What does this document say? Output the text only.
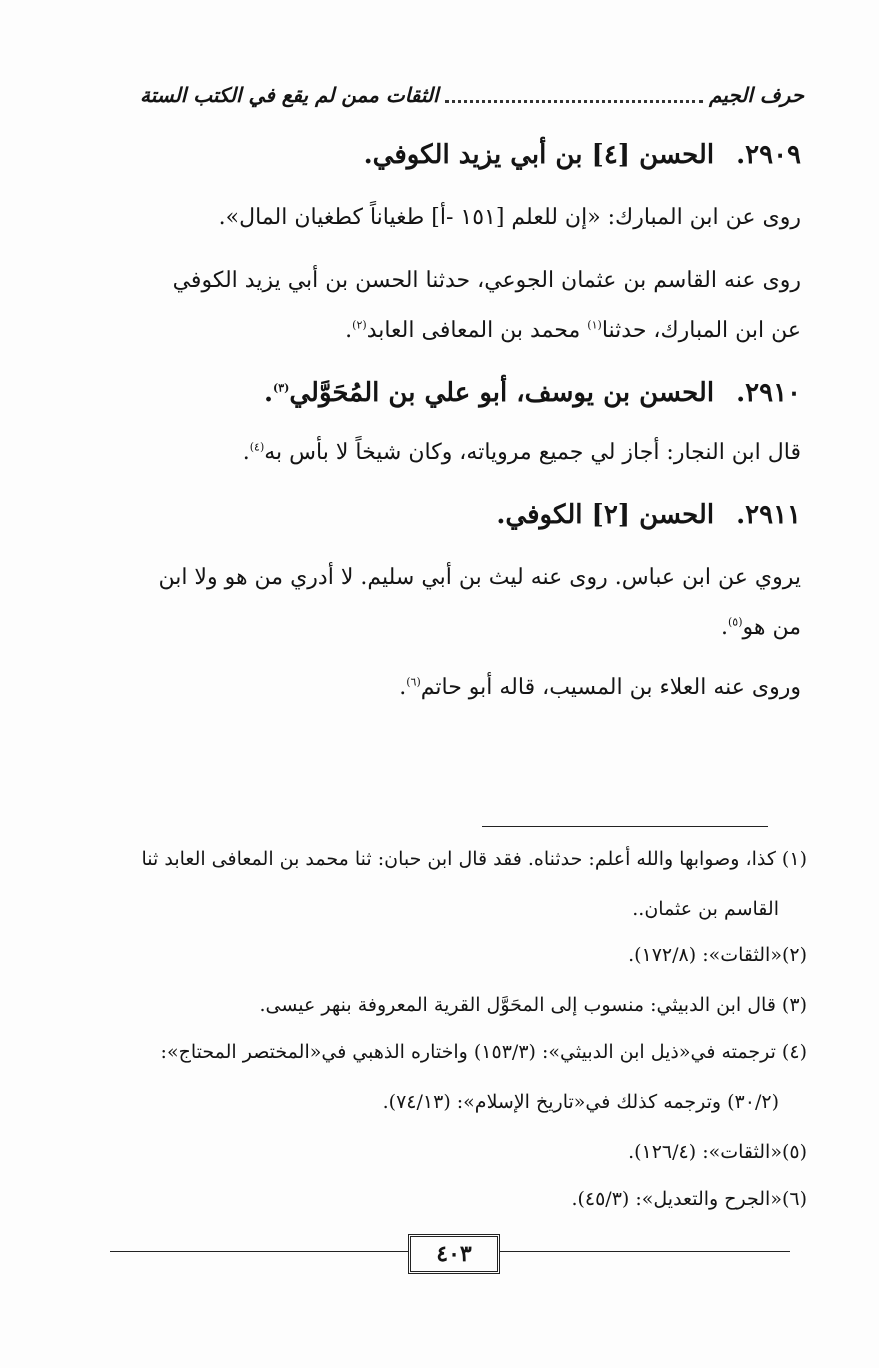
حرف الجيم
الثقات ممن لم يقع في الكتب الستة
٢٩٠٩.الحسن [٤] بن أبي يزيد الكوفي.
روى عن ابن المبارك: «إن للعلم [١٥١ -أ] طغياناً كطغيان المال».
روى عنه القاسم بن عثمان الجوعي، حدثنا الحسن بن أبي يزيد الكوفي
عن ابن المبارك، حدثنا$^{(١)}$ محمد بن المعافى العابد$^{(٢)}$.
٢٩١٠.الحسن بن يوسف، أبو علي بن المُحَوَّلي$^{(٣)}$.
قال ابن النجار: أجاز لي جميع مروياته، وكان شيخاً لا بأس به$^{(٤)}$.
٢٩١١.الحسن [٢] الكوفي.
يروي عن ابن عباس. روى عنه ليث بن أبي سليم. لا أدري من هو ولا ابن
من هو$^{(٥)}$.
وروى عنه العلاء بن المسيب، قاله أبو حاتم$^{(٦)}$.
(١) كذا، وصوابها والله أعلم: حدثناه. فقد قال ابن حبان: ثنا محمد بن المعافى العابد ثنا
القاسم بن عثمان..
(٢)«الثقات»: (١٧٢/٨).
(٣) قال ابن الدبيثي: منسوب إلى المحَوَّل القرية المعروفة بنهر عيسى.
(٤) ترجمته في«ذيل ابن الدبيثي»: (١٥٣/٣) واختاره الذهبي في«المختصر المحتاج»:
(٣٠/٢) وترجمه كذلك في«تاريخ الإسلام»: (٧٤/١٣).
(٥)«الثقات»: (١٢٦/٤).
(٦)«الجرح والتعديل»: (٤٥/٣).
٤٠٣
